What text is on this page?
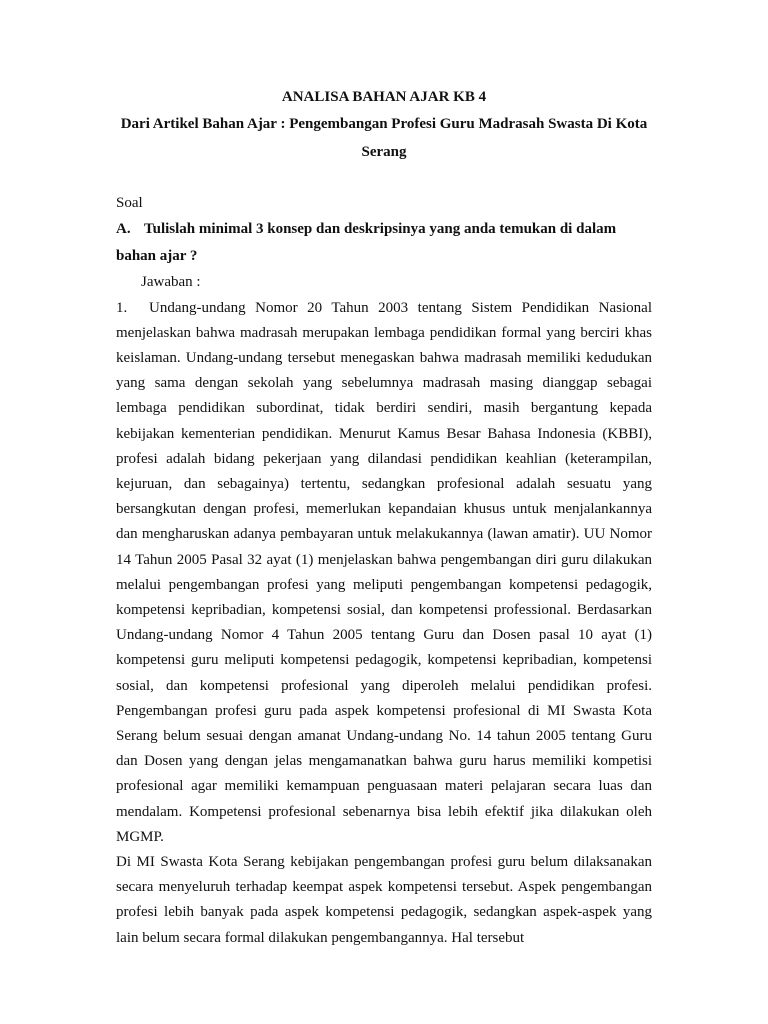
ANALISA BAHAN AJAR KB 4

Dari Artikel Bahan Ajar : Pengembangan Profesi Guru Madrasah Swasta Di Kota Serang

Soal

A. Tulislah minimal 3 konsep dan deskripsinya yang anda temukan di dalam bahan ajar ?

Jawaban :

1. Undang-undang Nomor 20 Tahun 2003 tentang Sistem Pendidikan Nasional menjelaskan bahwa madrasah merupakan lembaga pendidikan formal yang berciri khas keislaman. Undang-undang tersebut menegaskan bahwa madrasah memiliki kedudukan yang sama dengan sekolah yang sebelumnya madrasah masing dianggap sebagai lembaga pendidikan subordinat, tidak berdiri sendiri, masih bergantung kepada kebijakan kementerian pendidikan. Menurut Kamus Besar Bahasa Indonesia (KBBI), profesi adalah bidang pekerjaan yang dilandasi pendidikan keahlian (keterampilan, kejuruan, dan sebagainya) tertentu, sedangkan profesional adalah sesuatu yang bersangkutan dengan profesi, memerlukan kepandaian khusus untuk menjalankannya dan mengharuskan adanya pembayaran untuk melakukannya (lawan amatir). UU Nomor 14 Tahun 2005 Pasal 32 ayat (1) menjelaskan bahwa pengembangan diri guru dilakukan melalui pengembangan profesi yang meliputi pengembangan kompetensi pedagogik, kompetensi kepribadian, kompetensi sosial, dan kompetensi professional. Berdasarkan Undang-undang Nomor 4 Tahun 2005 tentang Guru dan Dosen pasal 10 ayat (1) kompetensi guru meliputi kompetensi pedagogik, kompetensi kepribadian, kompetensi sosial, dan kompetensi profesional yang diperoleh melalui pendidikan profesi. Pengembangan profesi guru pada aspek kompetensi profesional di MI Swasta Kota Serang belum sesuai dengan amanat Undang-undang No. 14 tahun 2005 tentang Guru dan Dosen yang dengan jelas mengamanatkan bahwa guru harus memiliki kompetisi profesional agar memiliki kemampuan penguasaan materi pelajaran secara luas dan mendalam. Kompetensi profesional sebenarnya bisa lebih efektif jika dilakukan oleh MGMP.

Di MI Swasta Kota Serang kebijakan pengembangan profesi guru belum dilaksanakan secara menyeluruh terhadap keempat aspek kompetensi tersebut. Aspek pengembangan profesi lebih banyak pada aspek kompetensi pedagogik, sedangkan aspek-aspek yang lain belum secara formal dilakukan pengembangannya. Hal tersebut
